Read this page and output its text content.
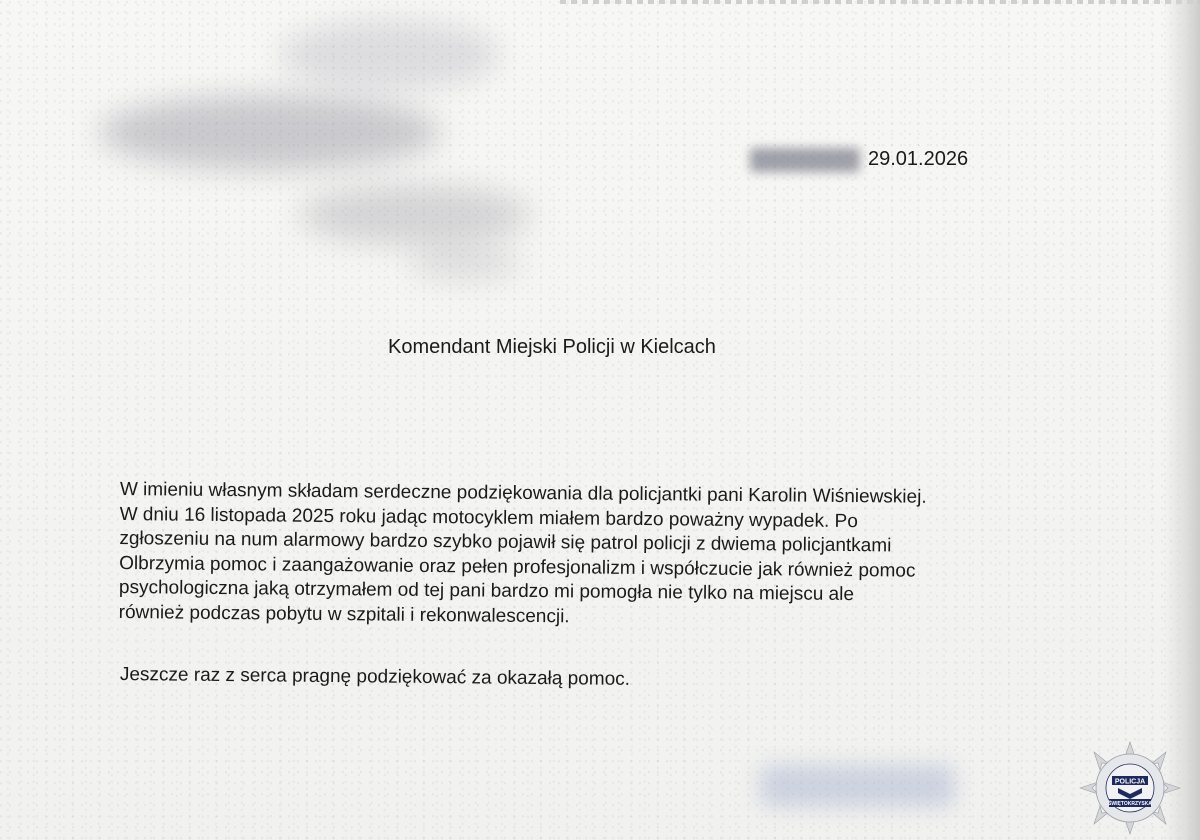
29.01.2026
Komendant Miejski Policji w Kielcach
W imieniu własnym składam serdeczne podziękowania dla policjantki pani Karolin Wiśniewskiej.
W dniu 16 listopada 2025 roku jadąc motocyklem miałem bardzo poważny wypadek. Po
zgłoszeniu na num alarmowy bardzo szybko pojawił się patrol policji z dwiema policjantkami
Olbrzymia pomoc i zaangażowanie oraz pełen profesjonalizm i współczucie jak również pomoc
psychologiczna jaką otrzymałem od tej pani bardzo mi pomogła nie tylko na miejscu ale
również podczas pobytu w szpitali i rekonwalescencji.
Jeszcze raz z serca pragnę podziękować za okazałą pomoc.
POLICJA
ŚWIĘTOKRZYSKA
